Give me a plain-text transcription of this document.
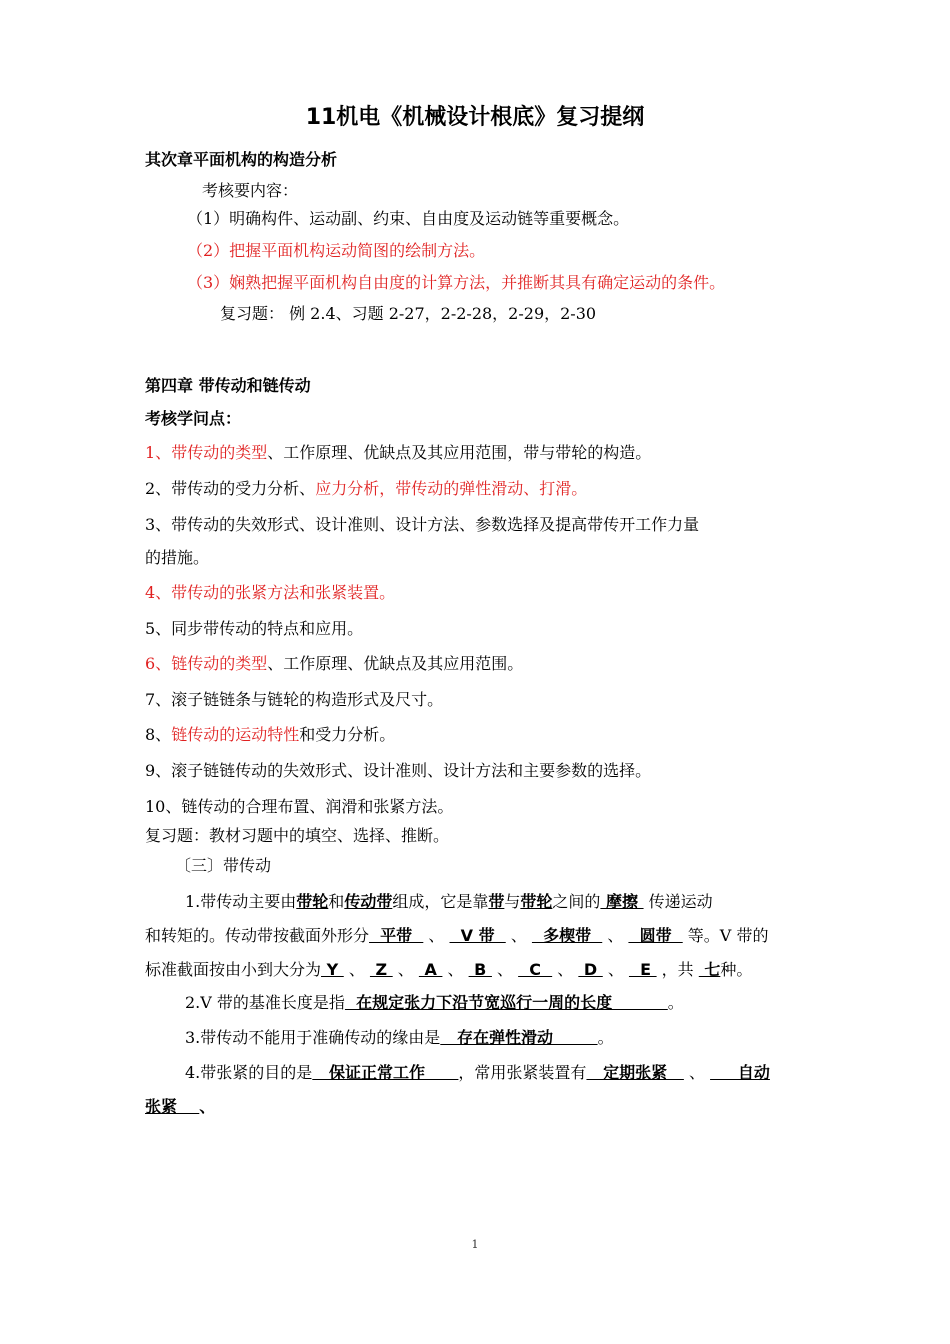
11机电《机械设计根底》复习提纲
其次章平面机构的构造分析
考核要内容：
（1）明确构件、运动副、约束、自由度及运动链等重要概念。
（2）把握平面机构运动简图的绘制方法。
（3）娴熟把握平面机构自由度的计算方法，并推断其具有确定运动的条件。
复习题： 例 2.4、习题 2-27，2-2-28，2-29，2-30
第四章 带传动和链传动
考核学问点：
1、带传动的类型、工作原理、优缺点及其应用范围，带与带轮的构造。
2、带传动的受力分析、应力分析，带传动的弹性滑动、打滑。
3、带传动的失效形式、设计准则、设计方法、参数选择及提高带传开工作力量
的措施。
4、带传动的张紧方法和张紧装置。
5、同步带传动的特点和应用。
6、链传动的类型、工作原理、优缺点及其应用范围。
7、滚子链链条与链轮的构造形式及尺寸。
8、链传动的运动特性和受力分析。
9、滚子链链传动的失效形式、设计准则、设计方法和主要参数的选择。
10、链传动的合理布置、润滑和张紧方法。
复习题：教材习题中的填空、选择、推断。
〔三〕带传动
1.带传动主要由带轮和传动带组成，它是靠带与带轮之间的 摩擦  传递运动
和转矩的。传动带按截面外形分  平带   、   V 带   、   多楔带   、   圆带   等。V 带的
标准截面按由小到大分为 Y  、  Z  、  A  、  B  、   C   、  D  、   E  ，共  七种。
2.V 带的基准长度是指  在规定张力下沿节宽巡行一周的长度          。
3.带传动不能用于准确传动的缘由是   存在弹性滑动        。
4.带张紧的目的是   保证正常工作      ，常用张紧装置有   定期张紧    、      自动
张紧    、
1
